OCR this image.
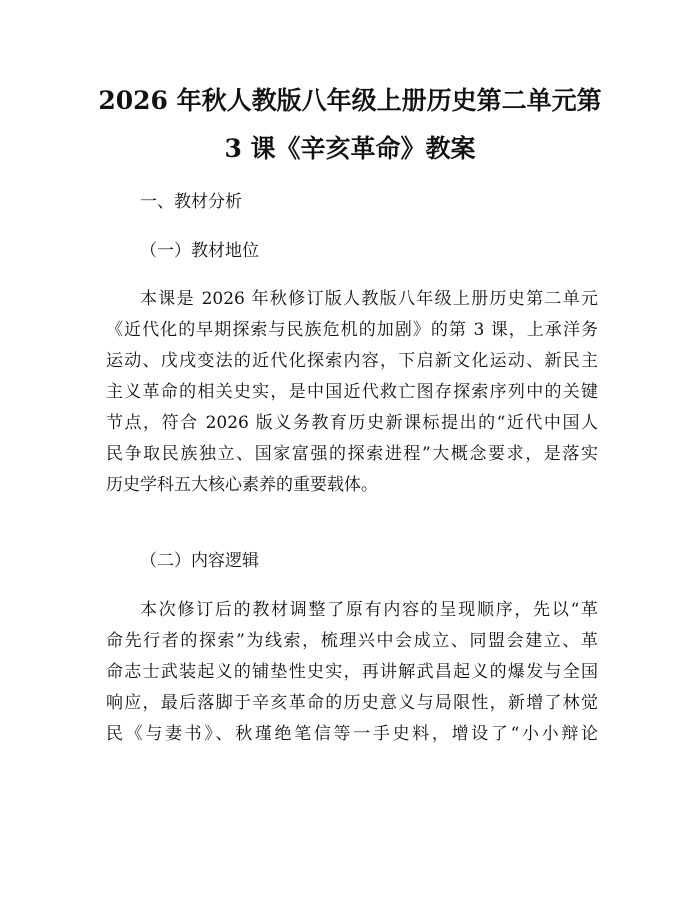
2026 年秋人教版八年级上册历史第二单元第
3 课《辛亥革命》教案
一、教材分析
（一）教材地位
本课是 2026 年秋修订版人教版八年级上册历史第二单元
《近代化的早期探索与民族危机的加剧》的第 3 课，上承洋务
运动、戊戌变法的近代化探索内容，下启新文化运动、新民主
主义革命的相关史实，是中国近代救亡图存探索序列中的关键
节点，符合 2026 版义务教育历史新课标提出的“近代中国人
民争取民族独立、国家富强的探索进程”大概念要求，是落实
历史学科五大核心素养的重要载体。
（二）内容逻辑
本次修订后的教材调整了原有内容的呈现顺序，先以“革
命先行者的探索”为线索，梳理兴中会成立、同盟会建立、革
命志士武装起义的铺垫性史实，再讲解武昌起义的爆发与全国
响应，最后落脚于辛亥革命的历史意义与局限性，新增了林觉
民《与妻书》、秋瑾绝笔信等一手史料，增设了“小小辩论
